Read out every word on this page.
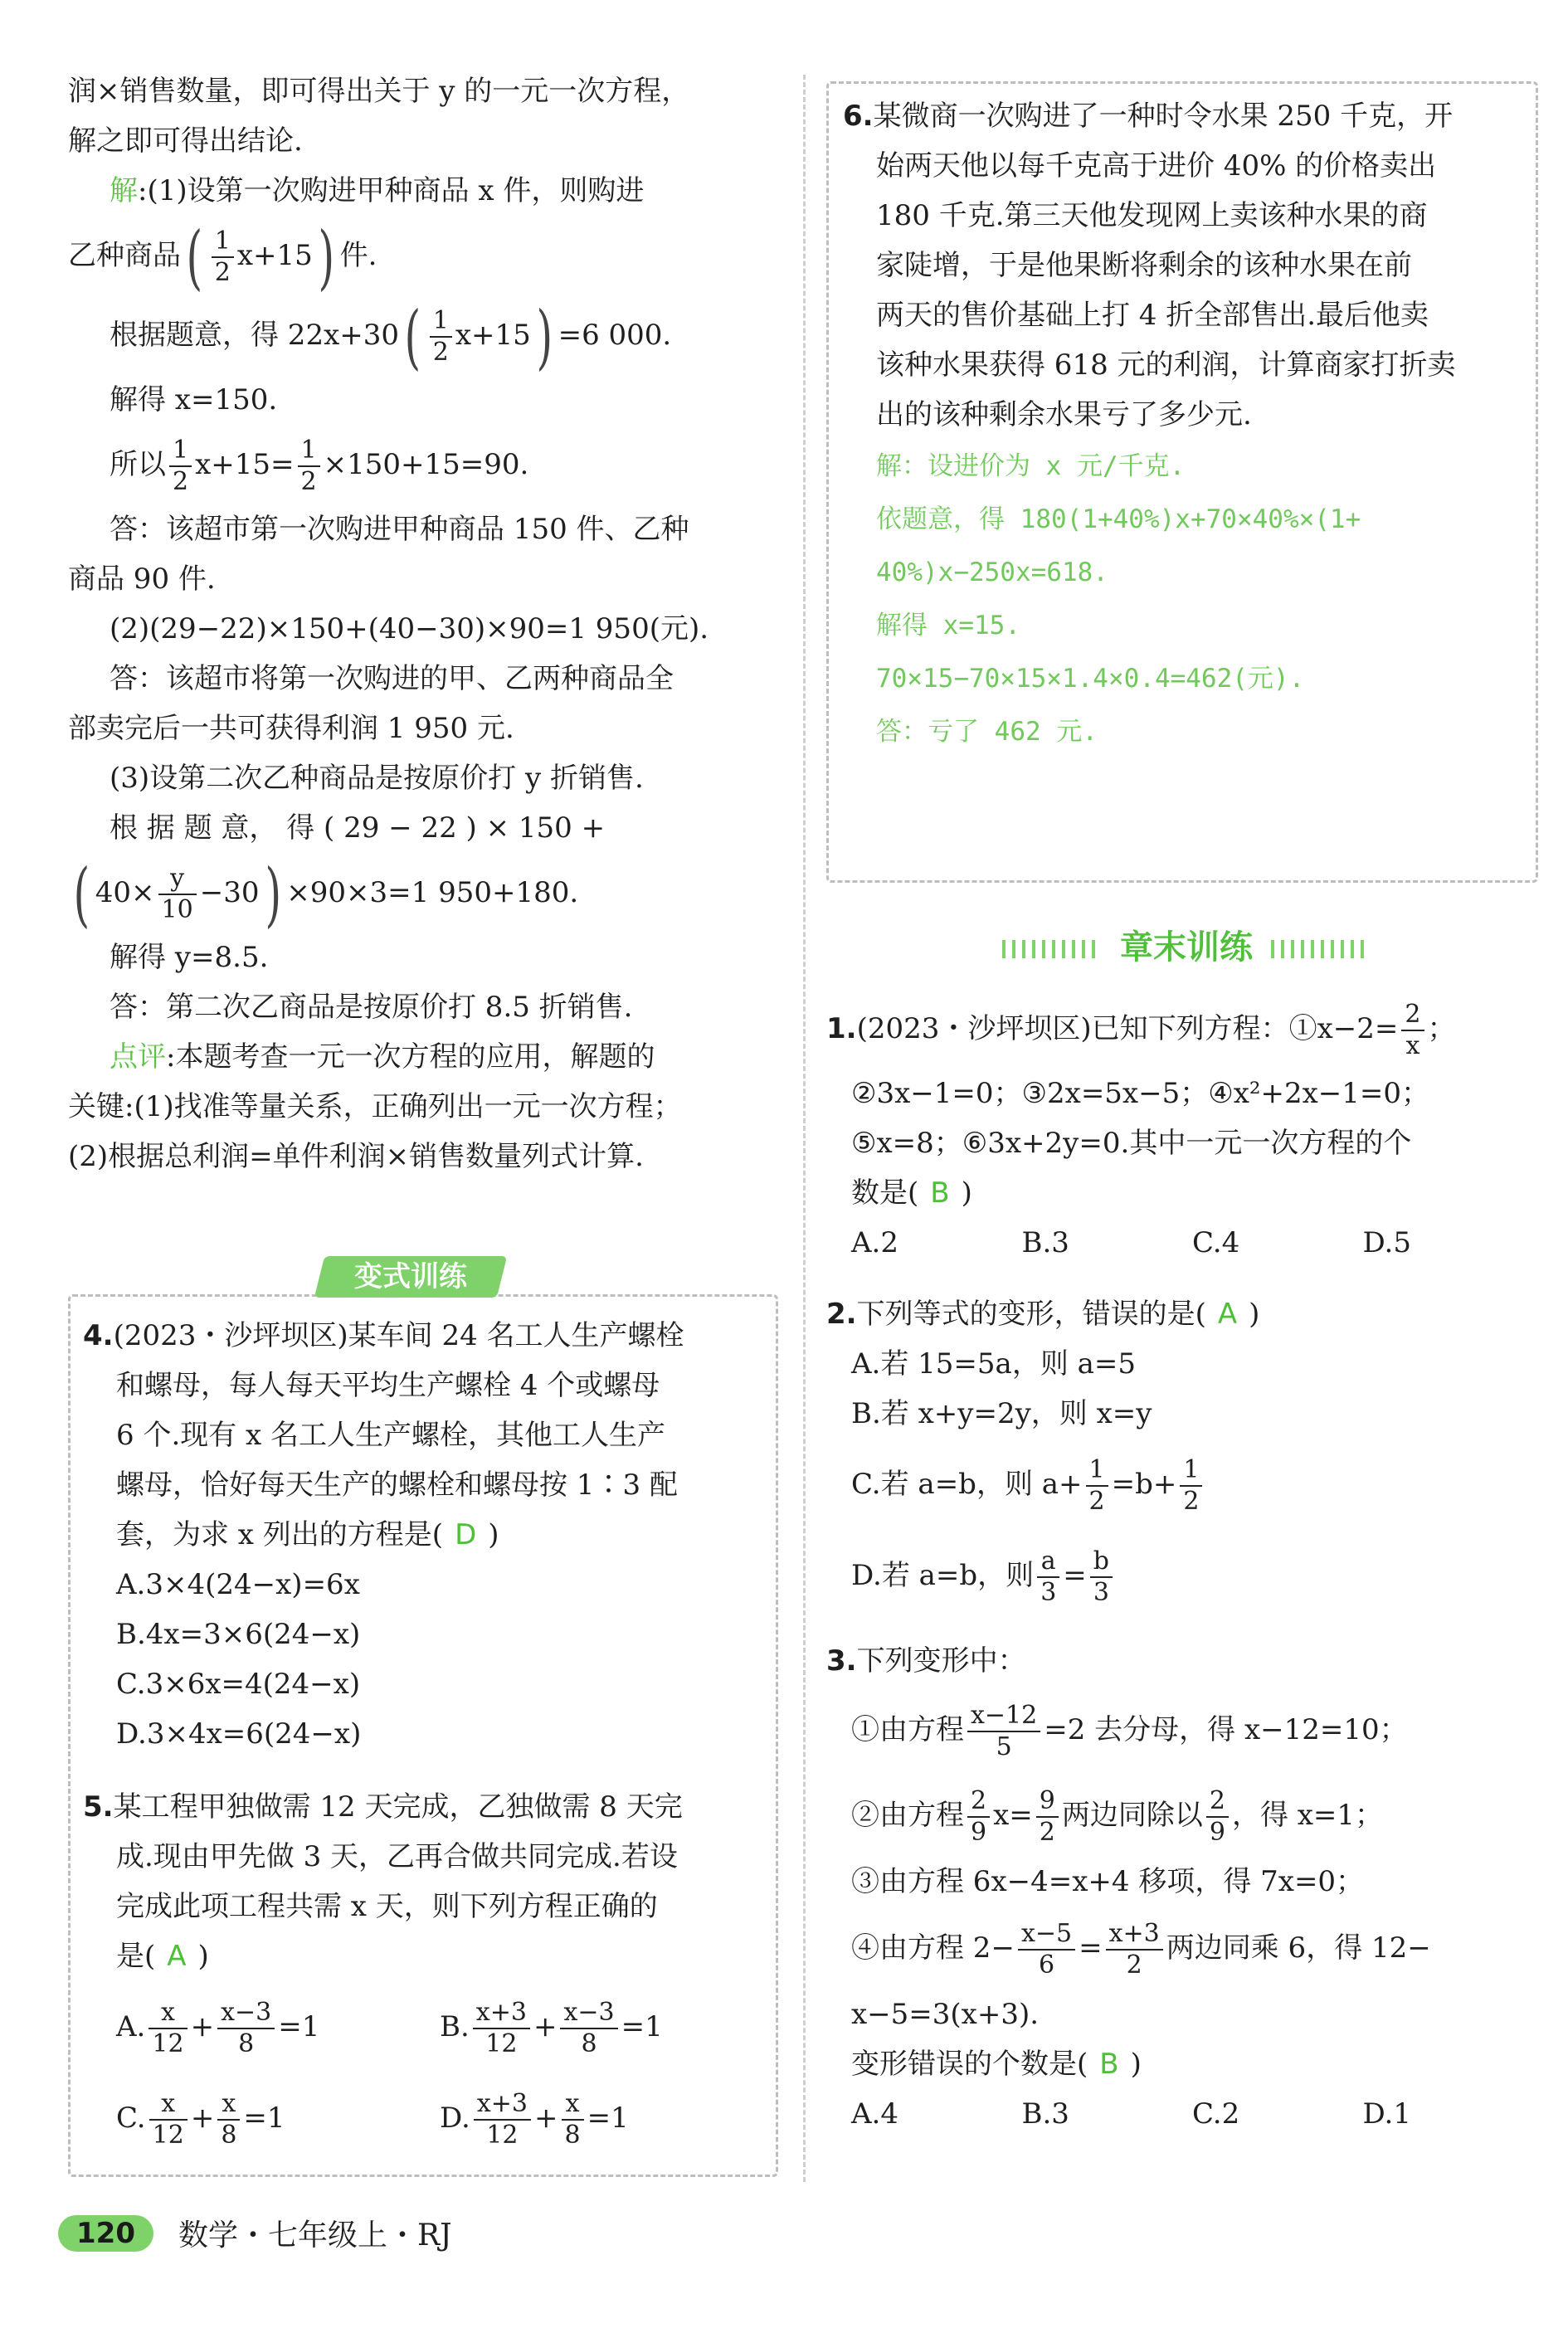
润×销售数量，即可得出关于 y 的一元一次方程，

解之即可得出结论.

解:(1)设第一次购进甲种商品 x 件，则购进

乙种商品( $\frac{1}{2} x+15$) 件.

根据题意，得 $22x+30( \frac{1}{2} x+15) =6$ 000.

解得 x=150.

所以 $\frac{1}{2} x+15= \frac{1}{2} \times 150+15=90$.

答：该超市第一次购进甲种商品 150 件、乙种

商品 90 件.

(2)(29−22)×150+(40−30)×90=1 950(元).

答：该超市将第一次购进的甲、乙两种商品全

部卖完后一共可获得利润 1 950 元.

(3)设第二次乙种商品是按原价打 y 折销售.

根 据 题 意， 得 ( 29 − 22 ) × 150 +

( $40\times \frac{y}{10} -30) \times 90\times 3=1$ 950+180.

解得 y=8.5.

答：第二次乙商品是按原价打 8.5 折销售.

点评:本题考查一元一次方程的应用，解题的

关键:(1)找准等量关系，正确列出一元一次方程；

(2)根据总利润=单件利润×销售数量列式计算.

变式训练

4.(2023・沙坪坝区)某车间 24 名工人生产螺栓

和螺母，每人每天平均生产螺栓 4 个或螺母

6 个.现有 x 名工人生产螺栓，其他工人生产

螺母，恰好每天生产的螺栓和螺母按 1∶3 配

套，为求 x 列出的方程是( D )

A.3×4(24−x)=6x

B.4x=3×6(24−x)

C.3×6x=4(24−x)

D.3×4x=6(24−x)

5.某工程甲独做需 12 天完成，乙独做需 8 天完

成.现由甲先做 3 天，乙再合做共同完成.若设

完成此项工程共需 x 天，则下列方程正确的

是( A )

A. $\frac{x}{12} + \frac{x-3}{8} =1$	B. $\frac{x+3}{12} + \frac{x-3}{8} =1$
C. $\frac{x}{12} + \frac{x}{8} =1$	D. $\frac{x+3}{12} + \frac{x}{8} =1$

6.某微商一次购进了一种时令水果 250 千克，开

始两天他以每千克高于进价 40% 的价格卖出

180 千克.第三天他发现网上卖该种水果的商

家陡增，于是他果断将剩余的该种水果在前

两天的售价基础上打 4 折全部售出.最后他卖

该种水果获得 618 元的利润，计算商家打折卖

出的该种剩余水果亏了多少元.

解：设进价为 x 元/千克.
依题意，得 180(1+40%)x+70×40%×(1+
40%)x−250x=618.
解得 x=15.
70×15−70×15×1.4×0.4=462(元).
答：亏了 462 元.
章末训练

1.(2023・沙坪坝区)已知下列方程：①x−2= $\frac{2}{x}$ ；

②3x−1=0；③2x=5x−5；④x²+2x−1=0；

⑤x=8；⑥3x+2y=0.其中一元一次方程的个

数是( B )

A.2	B.3	C.4	D.5

2.下列等式的变形，错误的是( A )

A.若 15=5a，则 a=5

B.若 x+y=2y，则 x=y

C.若 a=b，则 $a+ \frac{1}{2} =b+ \frac{1}{2}$

D.若 a=b，则 $\frac{a}{3} = \frac{b}{3}$

3.下列变形中：

①由方程 $\frac{x-12}{5} =2$ 去分母，得 x−12=10；

②由方程 $\frac{2}{9} x= \frac{9}{2}$ 两边同除以 $\frac{2}{9}$ ，得 x=1；

③由方程 6x−4=x+4 移项，得 7x=0；

④由方程 $2- \frac{x-5}{6} = \frac{x+3}{2}$ 两边同乘 6，得 12−

x−5=3(x+3).

变形错误的个数是( B )

A.4	B.3	C.2	D.1
120	数学・七年级上・RJ
